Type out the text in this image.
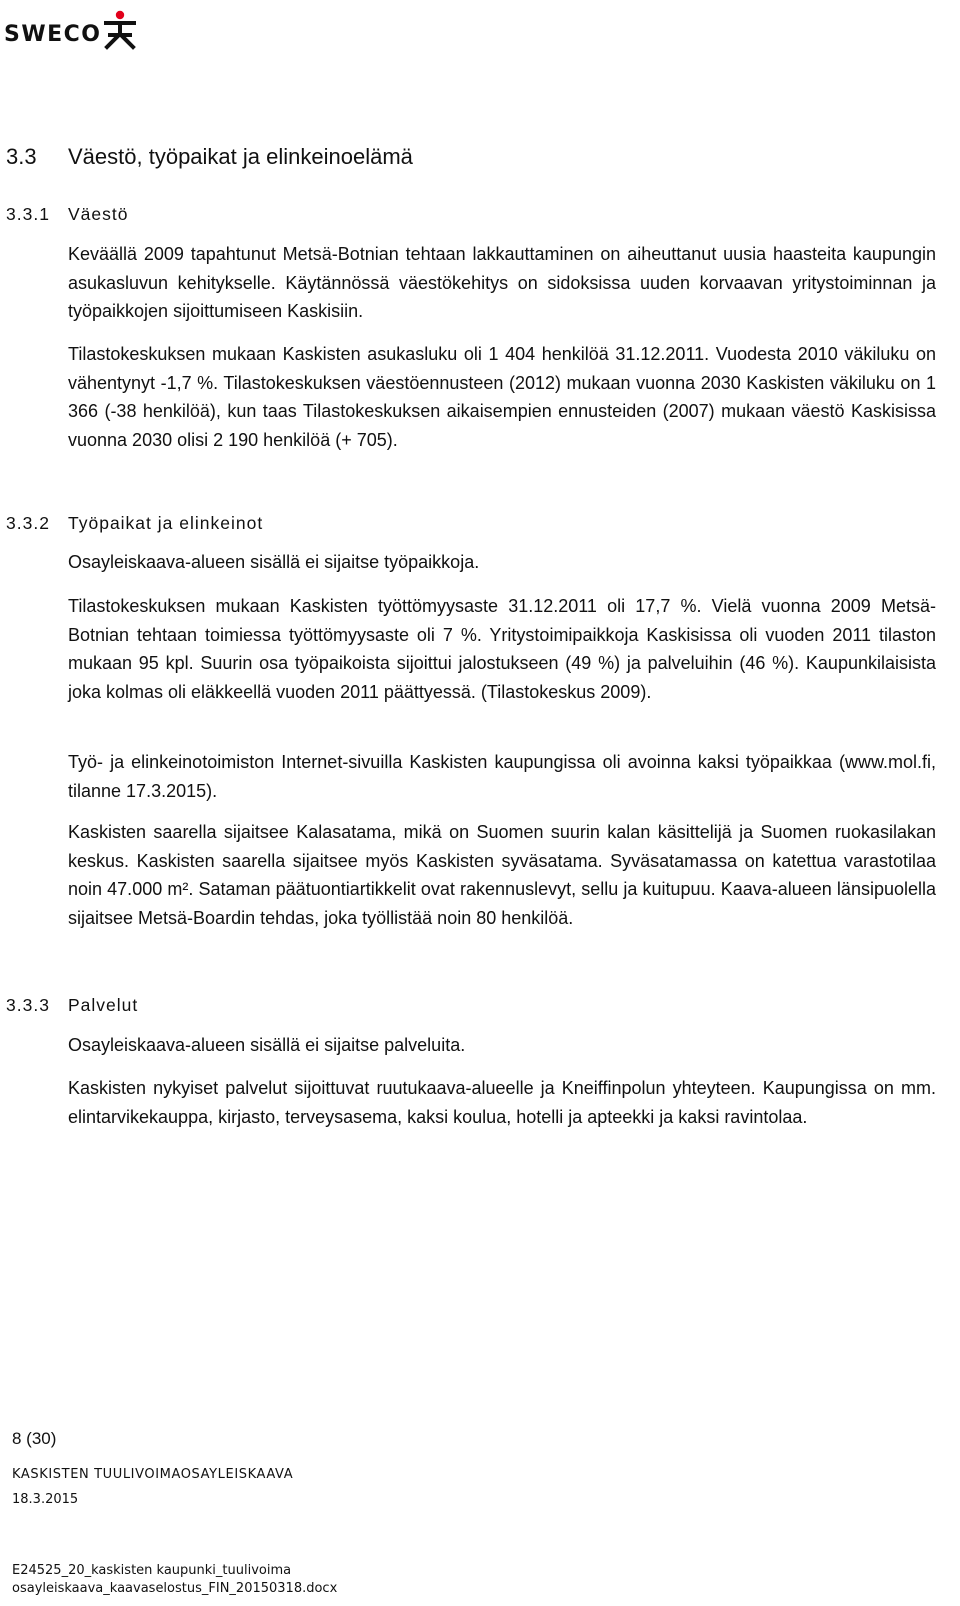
SWECO
3.3 Väestö, työpaikat ja elinkeinoelämä
3.3.1 Väestö

Keväällä 2009 tapahtunut Metsä-Botnian tehtaan lakkauttaminen on aiheuttanut uusia haasteita kaupungin asukasluvun kehitykselle. Käytännössä väestökehitys on sidoksissa uuden korvaavan yritystoiminnan ja työpaikkojen sijoittumiseen Kaskisiin.

Tilastokeskuksen mukaan Kaskisten asukasluku oli 1 404 henkilöä 31.12.2011. Vuodesta 2010 väkiluku on vähentynyt -1,7 %. Tilastokeskuksen väestöennusteen (2012) mukaan vuonna 2030 Kaskisten väkiluku on 1 366 (-38 henkilöä), kun taas Tilastokeskuksen aikaisempien ennusteiden (2007) mukaan väestö Kaskisissa vuonna 2030 olisi 2 190 henkilöä (+ 705).

3.3.2 Työpaikat ja elinkeinot

Osayleiskaava-alueen sisällä ei sijaitse työpaikkoja.

Tilastokeskuksen mukaan Kaskisten työttömyysaste 31.12.2011 oli 17,7 %. Vielä vuonna 2009 Metsä-Botnian tehtaan toimiessa työttömyysaste oli 7 %. Yritystoimipaikkoja Kaskisissa oli vuoden 2011 tilaston mukaan 95 kpl. Suurin osa työpaikoista sijoittui jalostukseen (49 %) ja palveluihin (46 %). Kaupunkilaisista joka kolmas oli eläkkeellä vuoden 2011 päättyessä. (Tilastokeskus 2009).

Työ- ja elinkeinotoimiston Internet-sivuilla Kaskisten kaupungissa oli avoinna kaksi työpaikkaa (www.mol.fi, tilanne 17.3.2015).

Kaskisten saarella sijaitsee Kalasatama, mikä on Suomen suurin kalan käsittelijä ja Suomen ruokasilakan keskus. Kaskisten saarella sijaitsee myös Kaskisten syväsatama. Syväsatamassa on katettua varastotilaa noin 47.000 m². Sataman päätuontiartikkelit ovat rakennuslevyt, sellu ja kuitupuu. Kaava-alueen länsipuolella sijaitsee Metsä-Boardin tehdas, joka työllistää noin 80 henkilöä.

3.3.3 Palvelut

Osayleiskaava-alueen sisällä ei sijaitse palveluita.

Kaskisten nykyiset palvelut sijoittuvat ruutukaava-alueelle ja Kneiffinpolun yhteyteen. Kaupungissa on mm. elintarvikekauppa, kirjasto, terveysasema, kaksi koulua, hotelli ja apteekki ja kaksi ravintolaa.

8 (30)
KASKISTEN TUULIVOIMAOSAYLEISKAAVA
18.3.2015
E24525_20_kaskisten kaupunki_tuulivoima
osayleiskaava_kaavaselostus_FIN_20150318.docx
